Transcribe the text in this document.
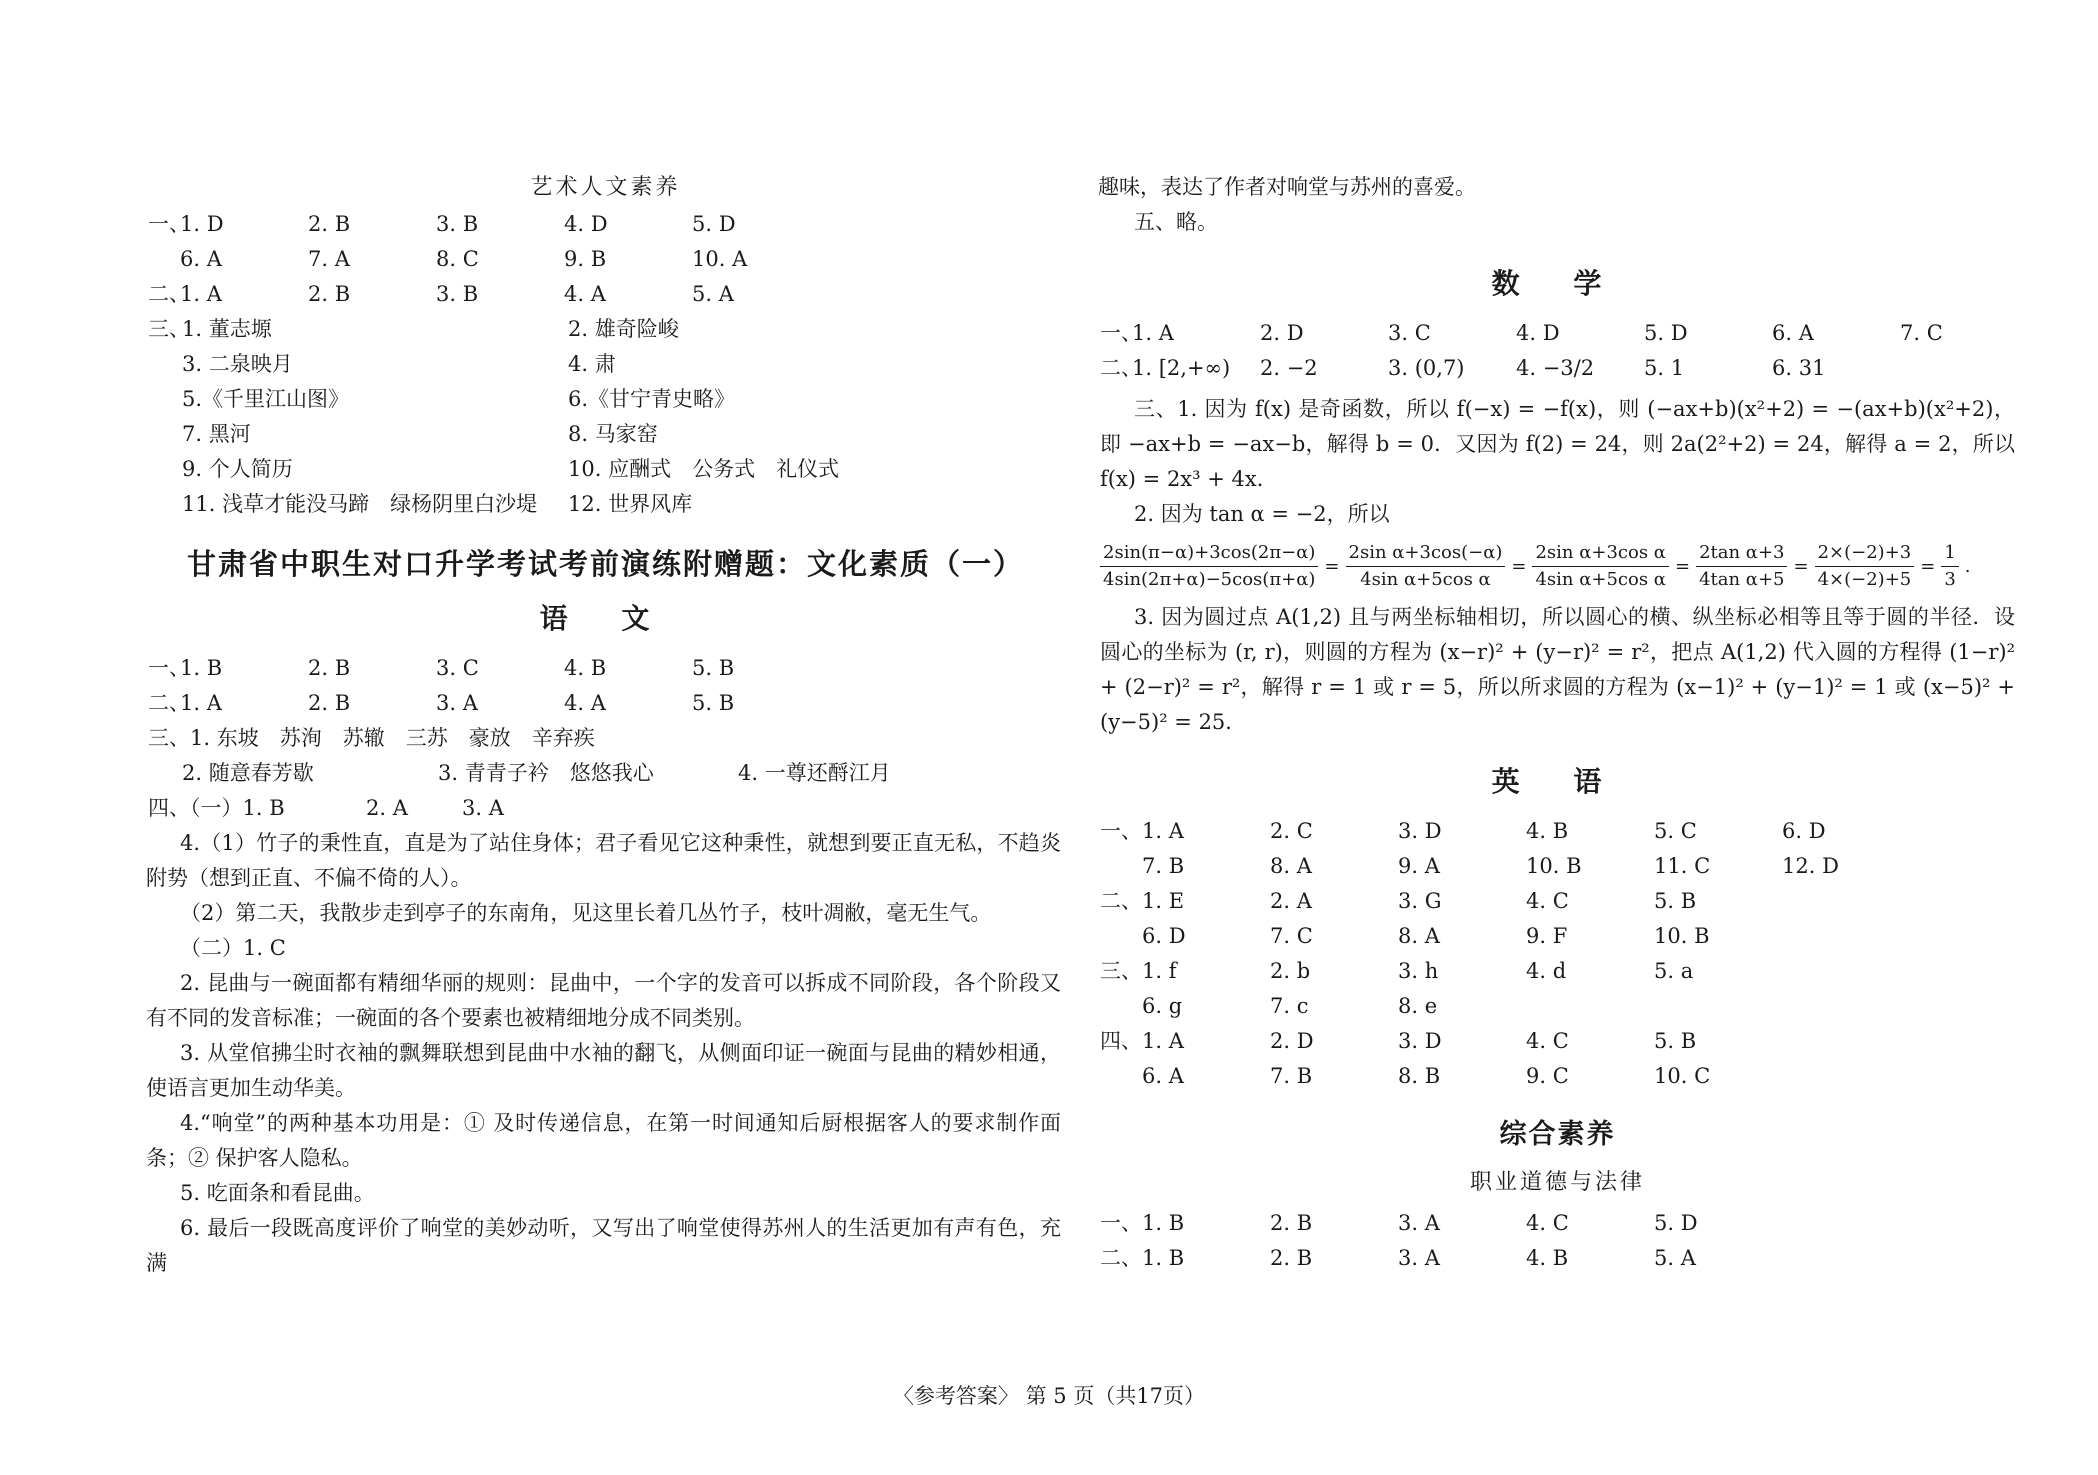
艺术人文素养
一、
1. D	2. B	3. B	4. D	5. D
6. A	7. A	8. C	9. B	10. A
二、
1. A	2. B	3. B	4. A	5. A
三、
1. 董志塬	2. 雄奇险峻
3. 二泉映月	4. 肃
5.《千里江山图》	6.《甘宁青史略》
7. 黑河	8. 马家窑
9. 个人简历	10. 应酬式　公务式　礼仪式
11. 浅草才能没马蹄　绿杨阴里白沙堤 12. 世界风库
甘肃省中职生对口升学考试考前演练附赠题：文化素质（一）
语 文
一、
1. B	2. B	3. C	4. B	5. B
二、
1. A	2. B	3. A	4. A	5. B
三、1. 东坡　苏洵　苏辙　三苏　豪放　辛弃疾
2. 随意春芳歇	3. 青青子衿　悠悠我心	4. 一尊还酹江月
四、（一）1. B	2. A	3. A
4.（1）竹子的秉性直，直是为了站住身体；君子看见它这种秉性，就想到要正直无私，不趋炎附势（想到正直、不偏不倚的人）。
（2）第二天，我散步走到亭子的东南角，见这里长着几丛竹子，枝叶凋敝，毫无生气。
（二）1. C
2. 昆曲与一碗面都有精细华丽的规则：昆曲中，一个字的发音可以拆成不同阶段，各个阶段又有不同的发音标准；一碗面的各个要素也被精细地分成不同类别。
3. 从堂倌拂尘时衣袖的飘舞联想到昆曲中水袖的翻飞，从侧面印证一碗面与昆曲的精妙相通，使语言更加生动华美。
4.“响堂”的两种基本功用是：① 及时传递信息，在第一时间通知后厨根据客人的要求制作面条；② 保护客人隐私。
5. 吃面条和看昆曲。
6. 最后一段既高度评价了响堂的美妙动听，又写出了响堂使得苏州人的生活更加有声有色，充满
趣味，表达了作者对响堂与苏州的喜爱。
五、略。
数 学
一、
1. A	2. D	3. C	4. D	5. D	6. A	7. C
二、
1. [2,+∞) 2. −2	3. (0,7) 4. −3/2 5. 1	6. 31
三、1. 因为 f(x) 是奇函数，所以 f(−x) = −f(x)，则 (−ax+b)(x²+2) = −(ax+b)(x²+2)，即 −ax+b = −ax−b，解得 b = 0．又因为 f(2) = 24，则 2a(2²+2) = 24，解得 a = 2，所以 f(x) = 2x³ + 4x．
2. 因为 tan α = −2，所以
$\frac{2\sin(\pi-\alpha)+3\cos(2\pi-\alpha)}{4\sin(2\pi+\alpha)-5\cos(\pi+\alpha)} = \frac{\text{2sin α+3cos(−α)}}{\text{4sin α+5cos α}} = \frac{\text{2sin α+3cos α}}{\text{4sin α+5cos α}} = \frac{\text{2tan α+3}}{\text{4tan α+5}} = \frac{2\times(-2)+3}{4\times(-2)+5} = \frac{1}{3}$ .
3. 因为圆过点 A(1,2) 且与两坐标轴相切，所以圆心的横、纵坐标必相等且等于圆的半径．设圆心的坐标为 (r, r)，则圆的方程为 (x−r)² + (y−r)² = r²，把点 A(1,2) 代入圆的方程得 (1−r)² + (2−r)² = r²，解得 r = 1 或 r = 5，所以所求圆的方程为 (x−1)² + (y−1)² = 1 或 (x−5)² + (y−5)² = 25．
英 语
一、 1. A	2. C	3. D	4. B	5. C	6. D
7. B	8. A	9. A	10. B	11. C	12. D
二、 1. E	2. A	3. G	4. C	5. B
6. D	7. C	8. A	9. F	10. B
三、 1. f	2. b	3. h	4. d	5. a
6. g	7. c	8. e
四、 1. A	2. D	3. D	4. C	5. B
6. A	7. B	8. B	9. C	10. C
综合素养
职业道德与法律
一、 1. B	2. B	3. A	4. C	5. D
二、 1. B	2. B	3. A	4. B	5. A
〈参考答案〉 第 5 页（共17页）
